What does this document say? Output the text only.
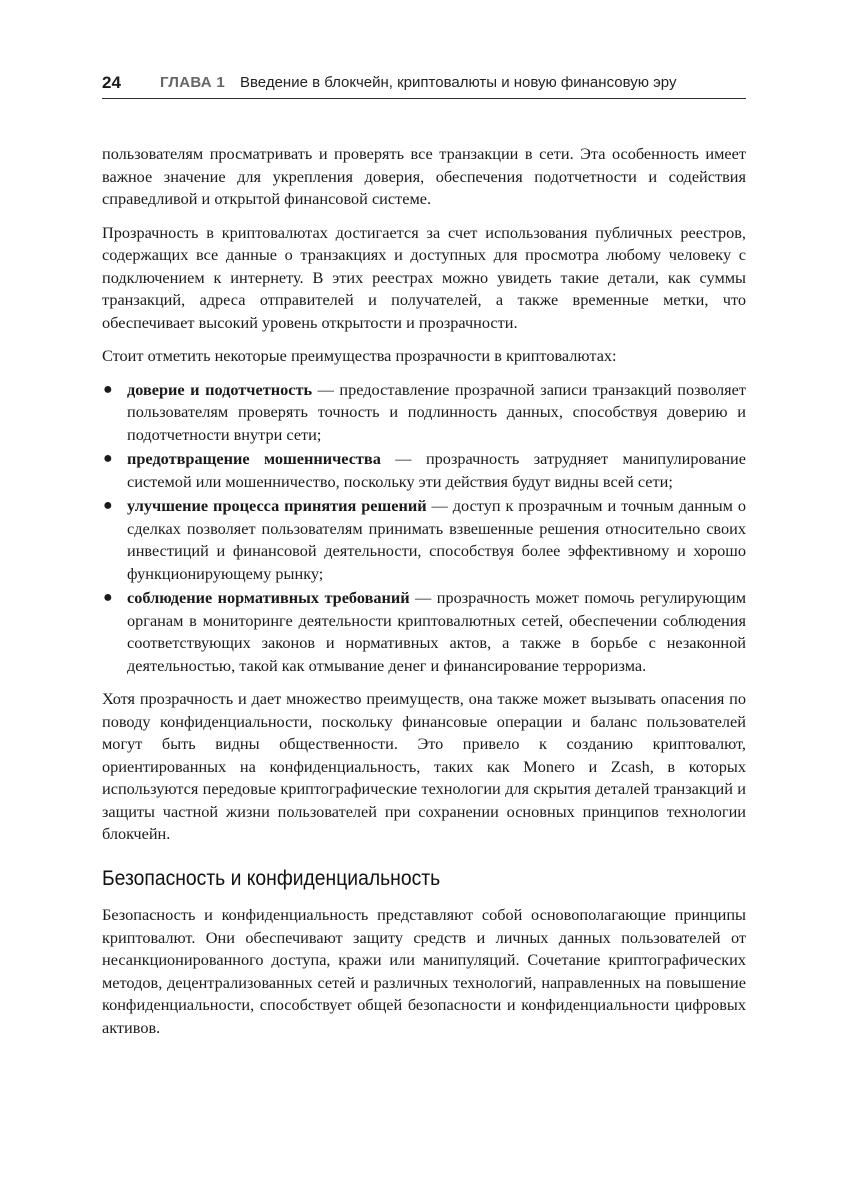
24	ГЛАВА 1 Введение в блокчейн, криптовалюты и новую финансовую эру

пользователям просматривать и проверять все транзакции в сети. Эта особенность имеет важное значение для укрепления доверия, обеспечения подотчетности и содействия справедливой и открытой финансовой системе.

Прозрачность в криптовалютах достигается за счет использования публичных реестров, содержащих все данные о транзакциях и доступных для просмотра любому человеку с подключением к интернету. В этих реестрах можно увидеть такие детали, как суммы транзакций, адреса отправителей и получателей, а также временные метки, что обеспечивает высокий уровень открытости и прозрачности.

Стоит отметить некоторые преимущества прозрачности в криптовалютах:

● доверие и подотчетность — предоставление прозрачной записи транзакций позволяет пользователям проверять точность и подлинность данных, способствуя доверию и подотчетности внутри сети;
● предотвращение мошенничества — прозрачность затрудняет манипулирование системой или мошенничество, поскольку эти действия будут видны всей сети;
● улучшение процесса принятия решений — доступ к прозрачным и точным данным о сделках позволяет пользователям принимать взвешенные решения относительно своих инвестиций и финансовой деятельности, способствуя более эффективному и хорошо функционирующему рынку;
● соблюдение нормативных требований — прозрачность может помочь регулирующим органам в мониторинге деятельности криптовалютных сетей, обеспечении соблюдения соответствующих законов и нормативных актов, а также в борьбе с незаконной деятельностью, такой как отмывание денег и финансирование терроризма.

Хотя прозрачность и дает множество преимуществ, она также может вызывать опасения по поводу конфиденциальности, поскольку финансовые операции и баланс пользователей могут быть видны общественности. Это привело к созданию криптовалют, ориентированных на конфиденциальность, таких как Monero и Zcash, в которых используются передовые криптографические технологии для скрытия деталей транзакций и защиты частной жизни пользователей при сохранении основных принципов технологии блокчейн.

Безопасность и конфиденциальность

Безопасность и конфиденциальность представляют собой основополагающие принципы криптовалют. Они обеспечивают защиту средств и личных данных пользователей от несанкционированного доступа, кражи или манипуляций. Сочетание криптографических методов, децентрализованных сетей и различных технологий, направленных на повышение конфиденциальности, способствует общей безопасности и конфиденциальности цифровых активов.
